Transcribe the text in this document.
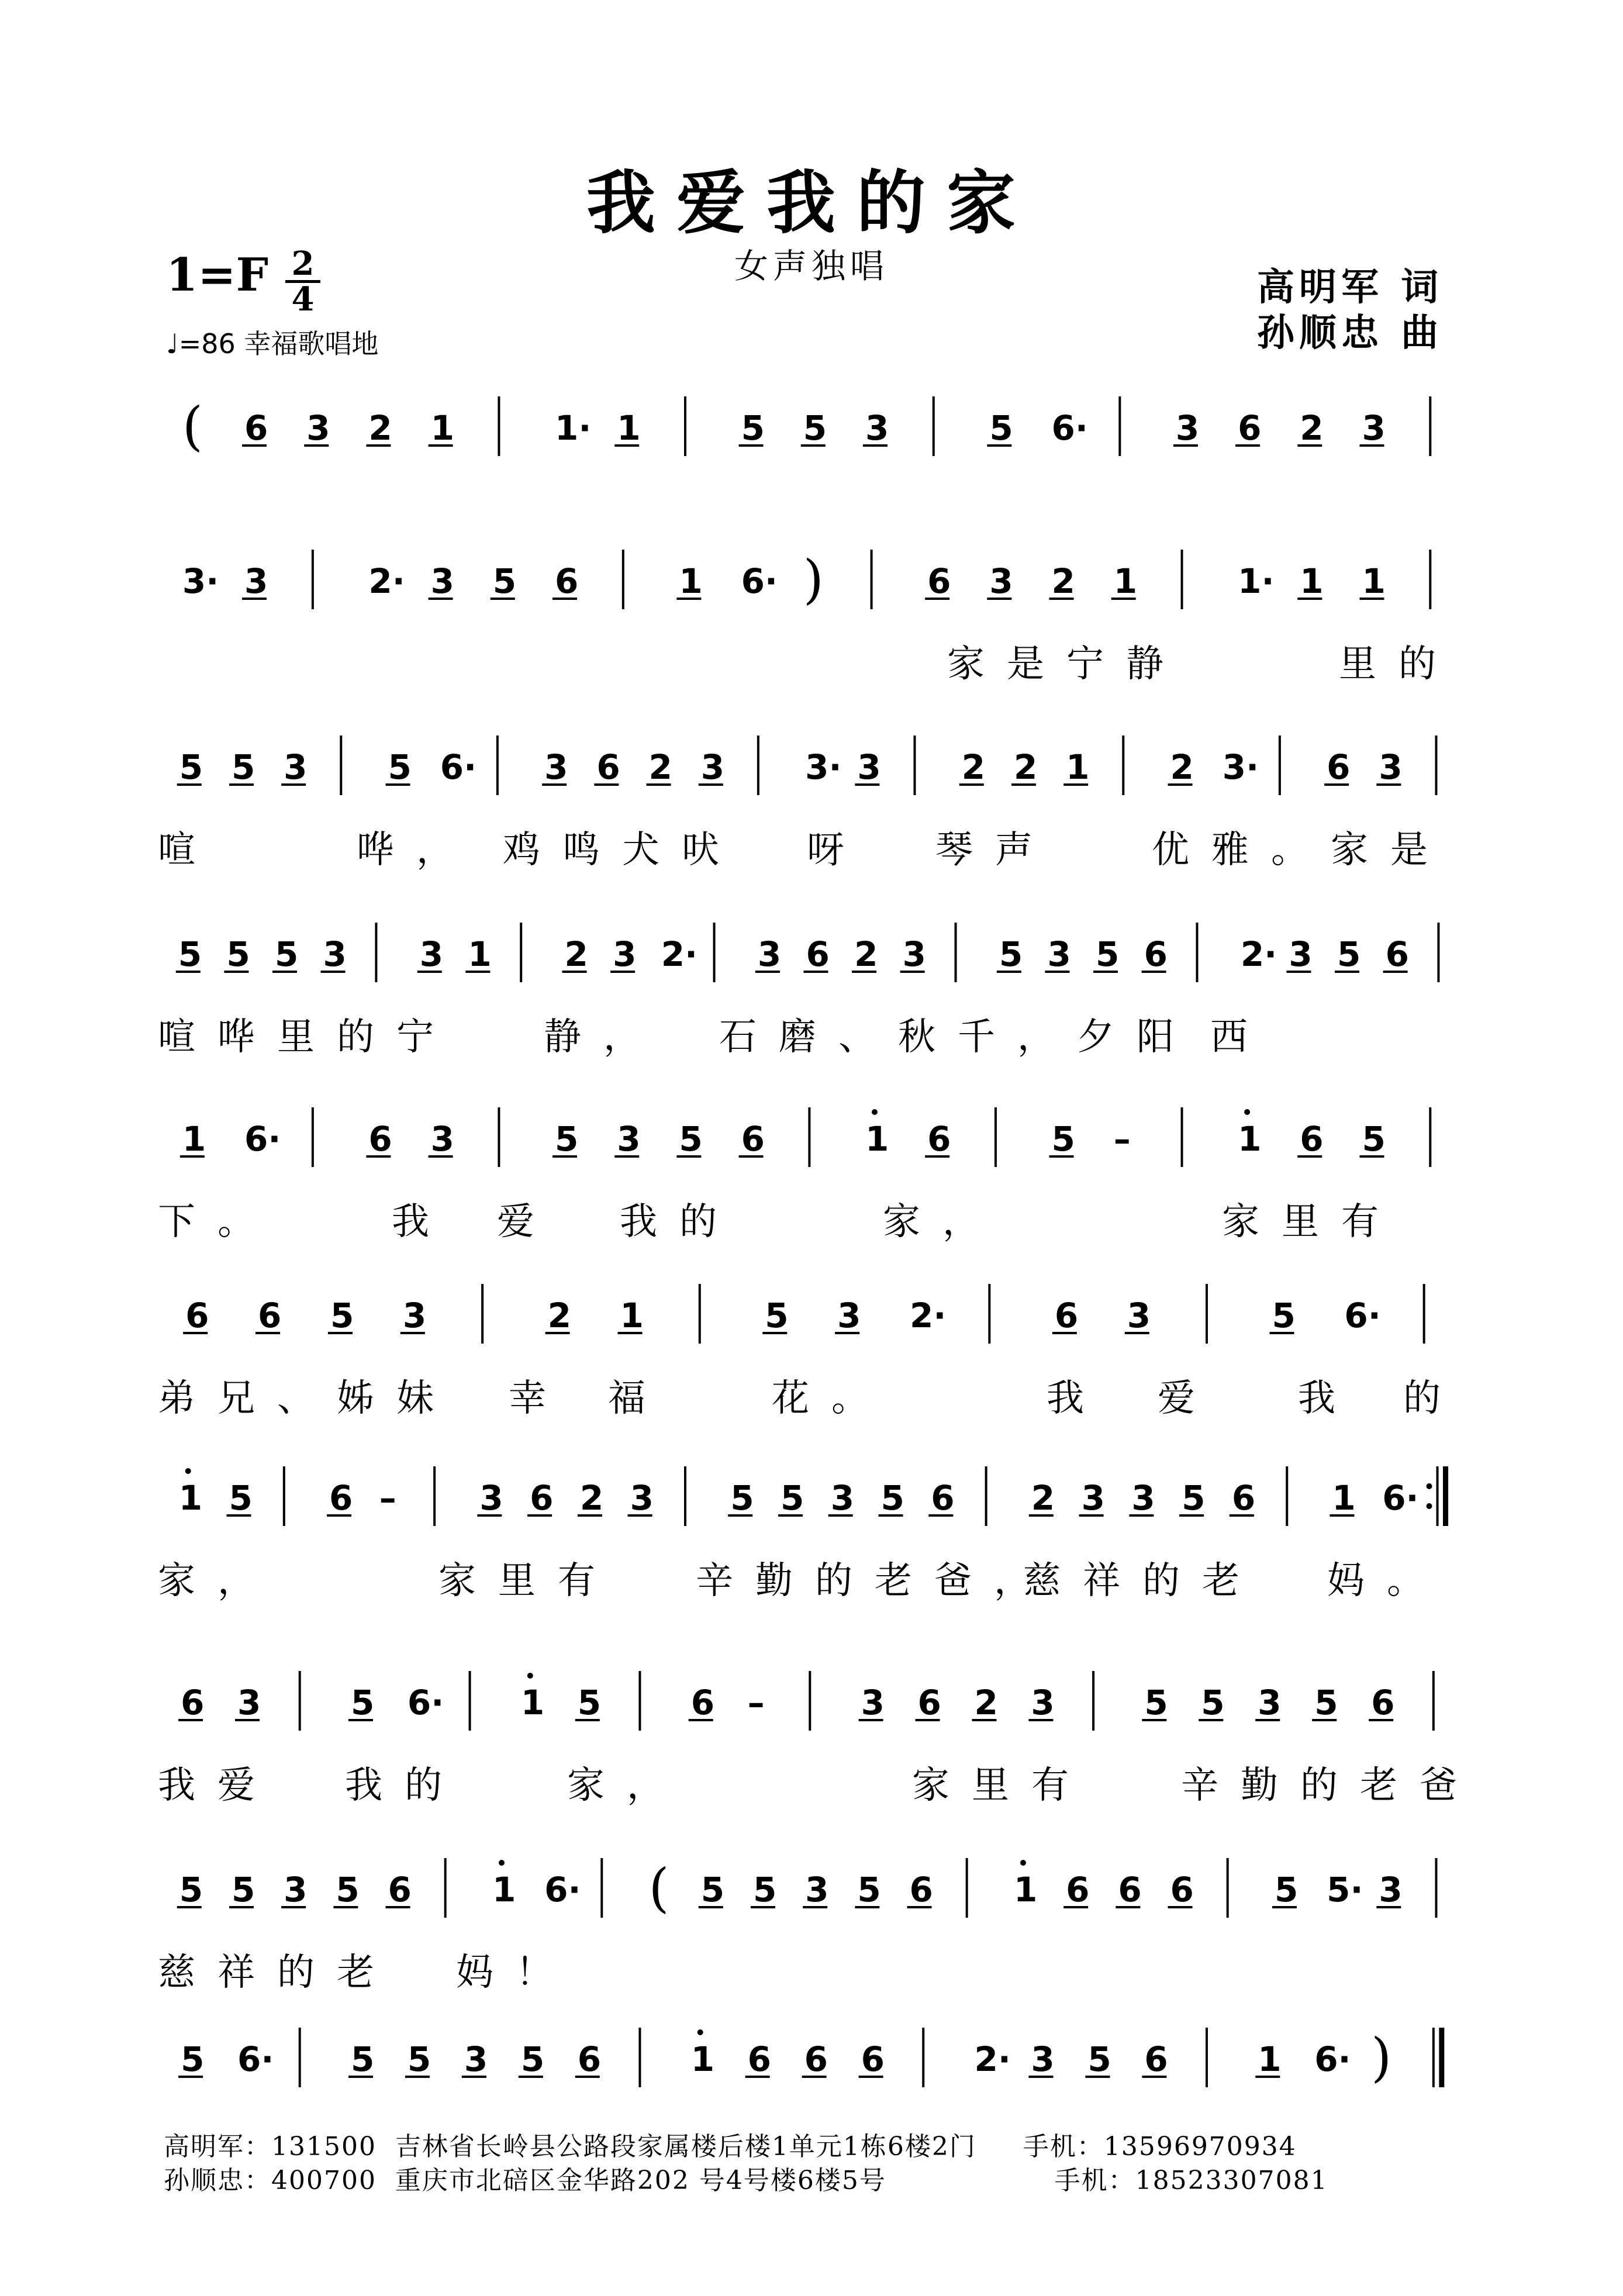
我爱我的家
女声独唱
1=F 2
4
♩=86 幸福歌唱地
高明军 词
孙顺忠 曲
( 6 3 2 1	1· 1	5 5 3	5 6·	3 6 2 3
3· 3	2· 3 5 6	1 6· )	6 3 2 1	1· 1 1
家是宁静	里的
5 5 3 5 6· 3 6 2 3 3· 3 2 2 1 2 3· 6 3
喧	哗， 鸡鸣犬吠 呀 琴声	优雅。家是
5 5 5 3 3 1 2 3 2· 3 6 2 3 5 3 5 6 2· 3 5 6
喧哗里的宁 静， 石磨、秋千，夕阳 西
1 6·	6 3	5 3 5 6	1 6	5 –	1 6 5
下。	我 爱 我的	家，	家里有
6 6 5 3	2 1	5 3 2·	6 3	5 6·
弟兄、姊妹 幸 福	花。	我 爱 我 的
1 5 6 – 3 6 2 3 5 5 3 5 6 2 3 3 5 6 1 6·
家，	家里有 辛勤的老爸，
慈祥的老 妈。
6 3	5 6· 1 5	6 –	3 6 2 3	5 5 3 5 6
我爱 我的	家，	家里有 辛勤的老爸
5 5 3 5 6 1 6· ( 5 5 3 5 6 1 6 6 6 5 5· 3
慈祥的老 妈！
5 6· 5 5 3 5 6	1 6 6 6	2· 3 5 6	1 6· )
高明军：131500  吉林省长岭县公路段家属楼后楼1单元1栋6楼2门     手机：13596970934
孙顺忠：400700  重庆市北碚区金华路202 号4号楼6楼5号                  手机：18523307081
